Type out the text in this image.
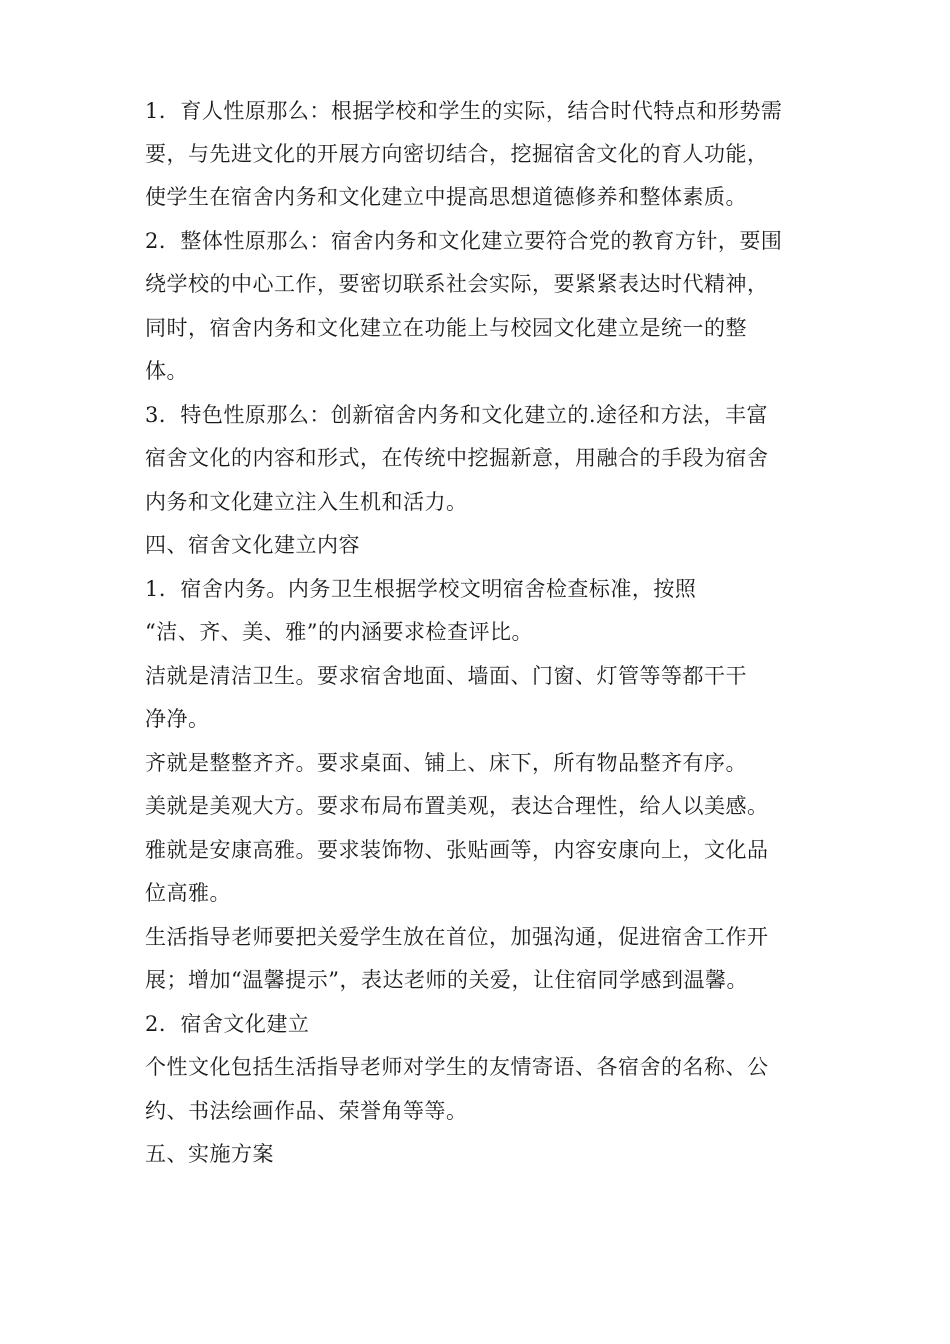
1．育人性原那么：根据学校和学生的实际，结合时代特点和形势需
要，与先进文化的开展方向密切结合，挖掘宿舍文化的育人功能，
使学生在宿舍内务和文化建立中提高思想道德修养和整体素质。
2．整体性原那么：宿舍内务和文化建立要符合党的教育方针，要围
绕学校的中心工作，要密切联系社会实际，要紧紧表达时代精神，
同时，宿舍内务和文化建立在功能上与校园文化建立是统一的整
体。
3．特色性原那么：创新宿舍内务和文化建立的.途径和方法，丰富
宿舍文化的内容和形式，在传统中挖掘新意，用融合的手段为宿舍
内务和文化建立注入生机和活力。
四、宿舍文化建立内容
1．宿舍内务。内务卫生根据学校文明宿舍检查标准，按照
“洁、齐、美、雅”的内涵要求检查评比。
洁就是清洁卫生。要求宿舍地面、墙面、门窗、灯管等等都干干
净净。
齐就是整整齐齐。要求桌面、铺上、床下，所有物品整齐有序。
美就是美观大方。要求布局布置美观，表达合理性，给人以美感。
雅就是安康高雅。要求装饰物、张贴画等，内容安康向上，文化品
位高雅。
生活指导老师要把关爱学生放在首位，加强沟通，促进宿舍工作开
展；增加“温馨提示”，表达老师的关爱，让住宿同学感到温馨。
2．宿舍文化建立
个性文化包括生活指导老师对学生的友情寄语、各宿舍的名称、公
约、书法绘画作品、荣誉角等等。
五、实施方案
